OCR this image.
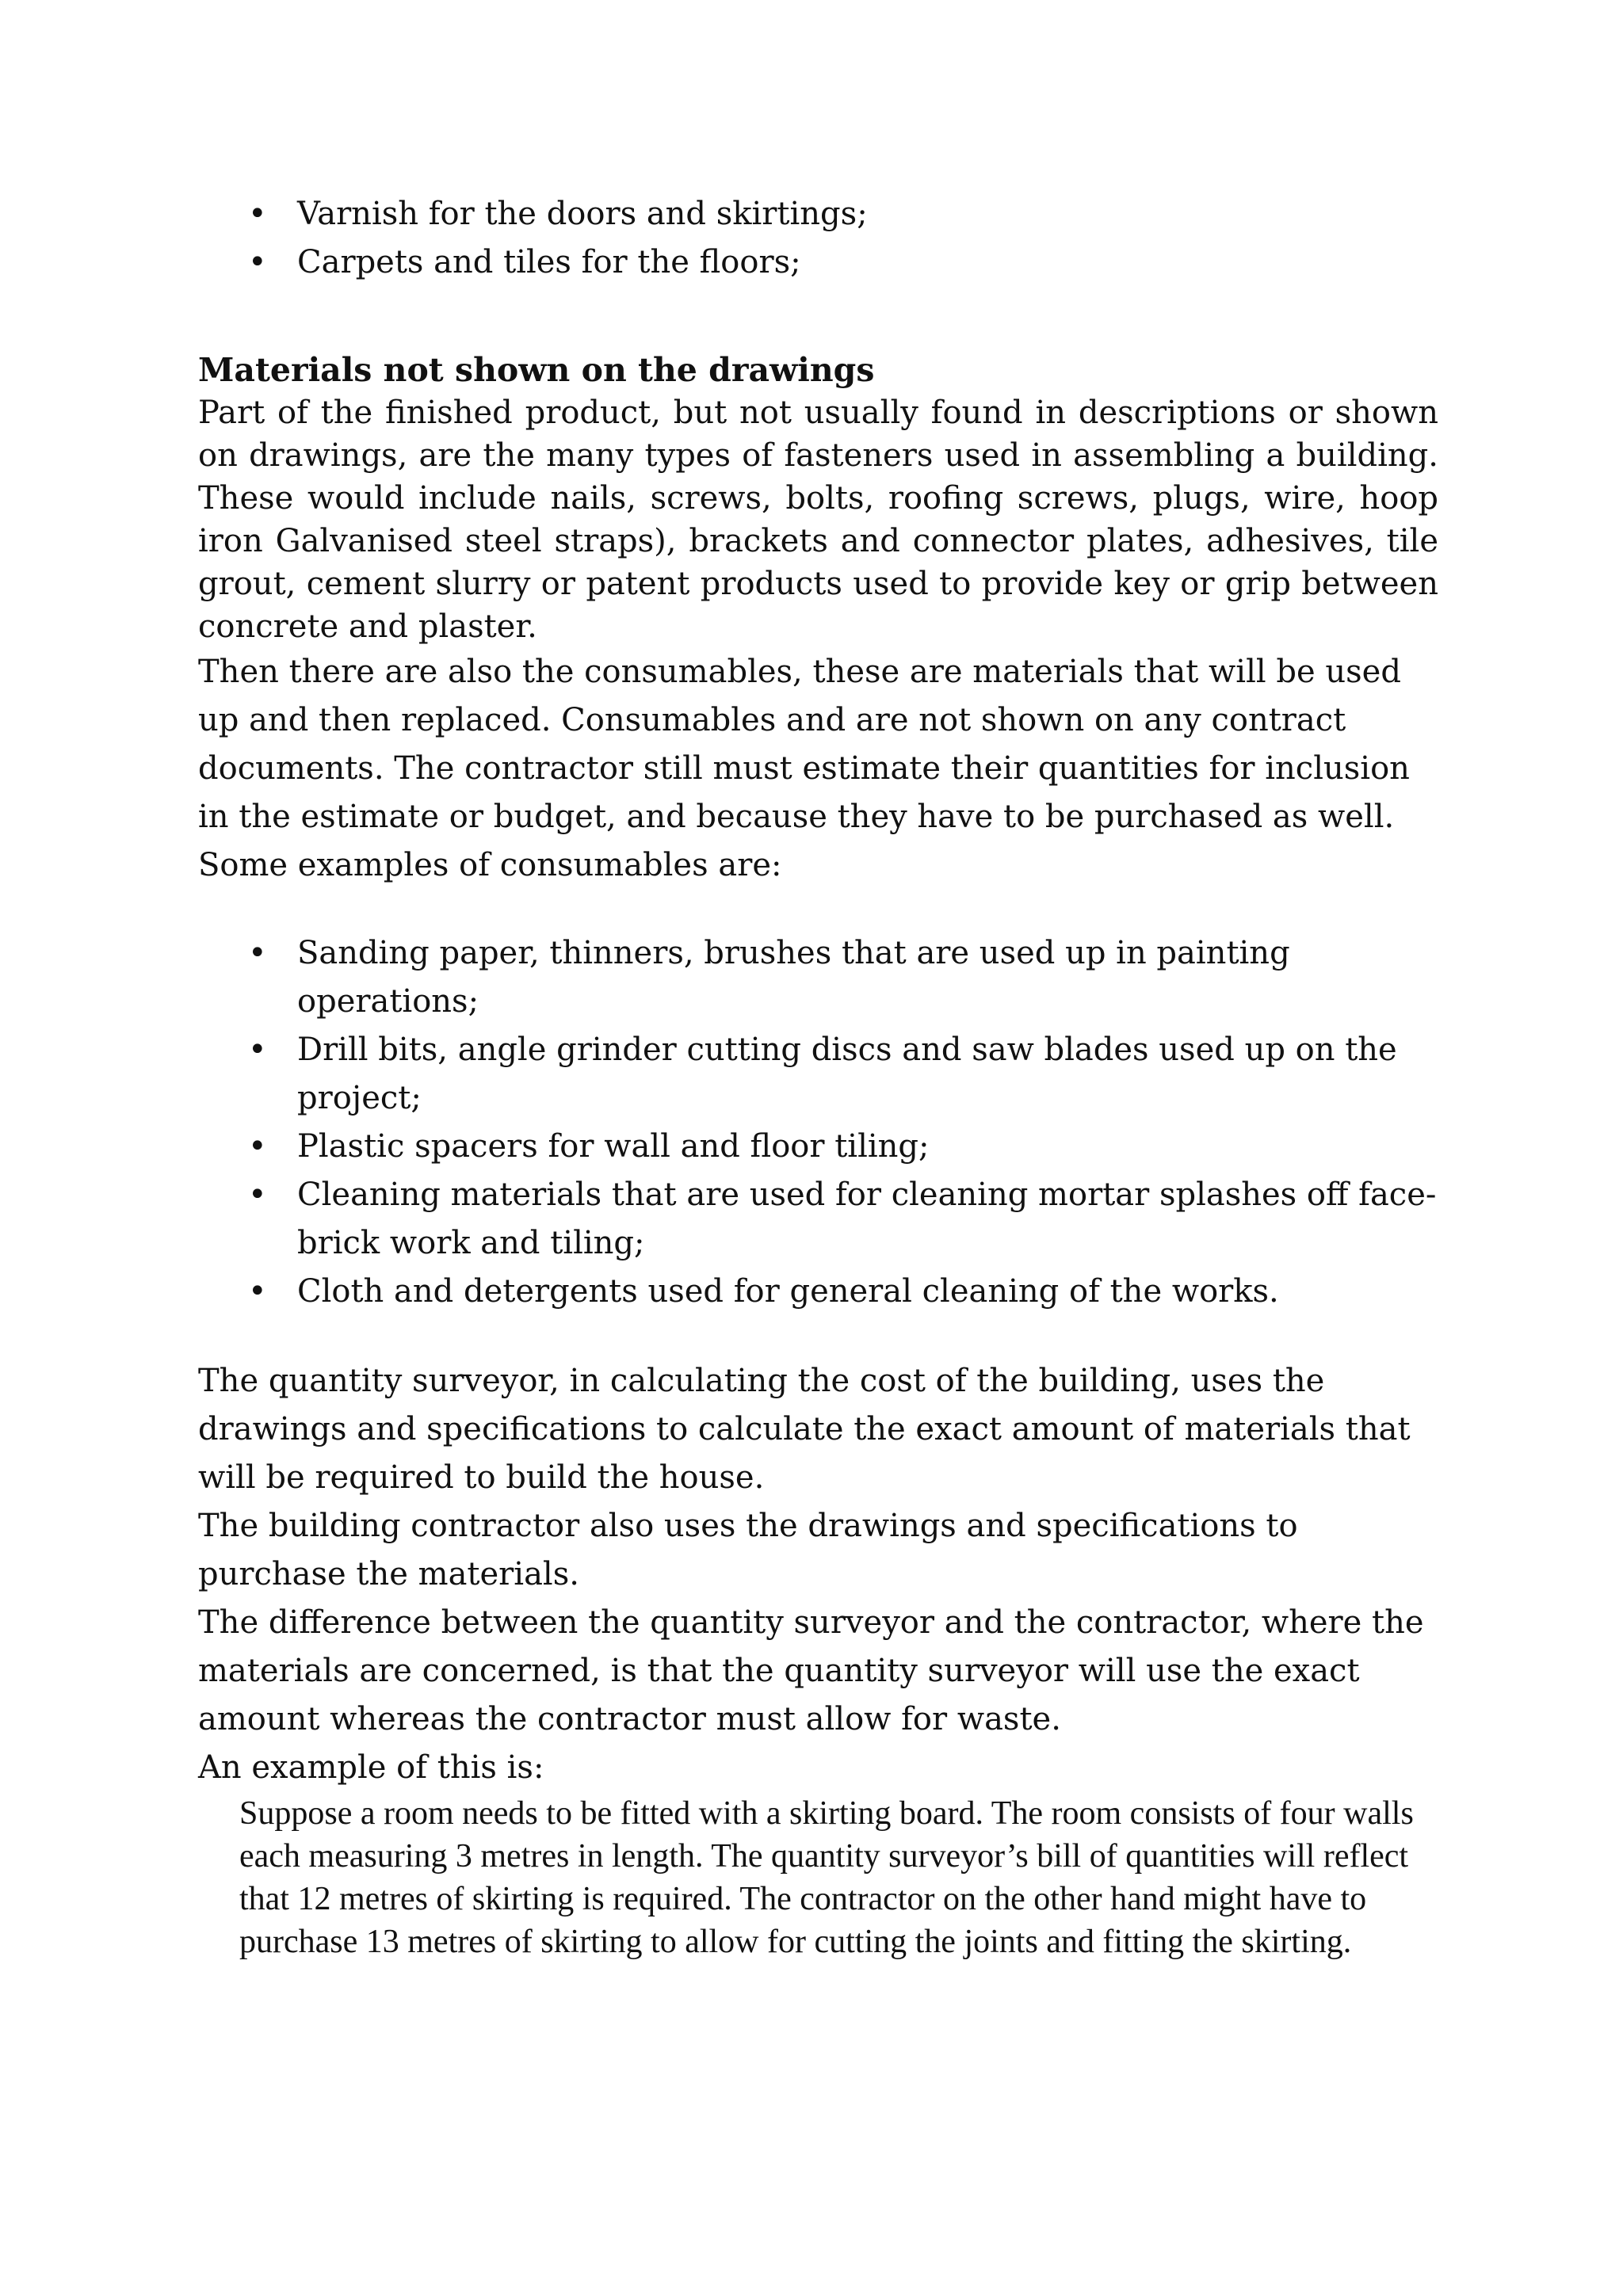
• Varnish for the doors and skirtings;
• Carpets and tiles for the floors;
Materials not shown on the drawings

Part of the finished product, but not usually found in descriptions or shown on drawings, are the many types of fasteners used in assembling a building. These would include nails, screws, bolts, roofing screws, plugs, wire, hoop iron Galvanised steel straps), brackets and connector plates, adhesives, tile grout, cement slurry or patent products used to provide key or grip between concrete and plaster.

Then there are also the consumables, these are materials that will be used up and then replaced. Consumables and are not shown on any contract documents. The contractor still must estimate their quantities for inclusion in the estimate or budget, and because they have to be purchased as well. Some examples of consumables are:

• Sanding paper, thinners, brushes that are used up in painting operations;
• Drill bits, angle grinder cutting discs and saw blades used up on the project;
• Plastic spacers for wall and floor tiling;
• Cleaning materials that are used for cleaning mortar splashes off face-brick work and tiling;
• Cloth and detergents used for general cleaning of the works.

The quantity surveyor, in calculating the cost of the building, uses the drawings and specifications to calculate the exact amount of materials that will be required to build the house.

The building contractor also uses the drawings and specifications to purchase the materials.

The difference between the quantity surveyor and the contractor, where the materials are concerned, is that the quantity surveyor will use the exact amount whereas the contractor must allow for waste.

An example of this is:

Suppose a room needs to be fitted with a skirting board. The room consists of four walls each measuring 3 metres in length. The quantity surveyor’s bill of quantities will reflect that 12 metres of skirting is required. The contractor on the other hand might have to purchase 13 metres of skirting to allow for cutting the joints and fitting the skirting.
